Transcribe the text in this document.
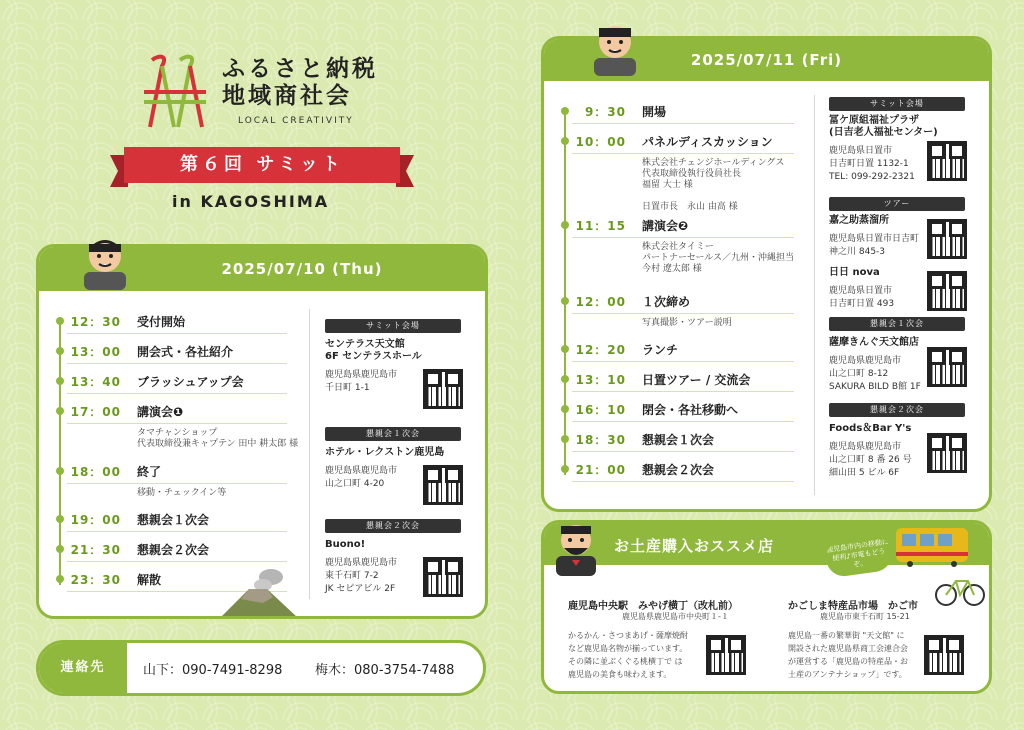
ふるさと納税
地域商社会
LOCAL CREATIVITY
第６回 サミット
in KAGOSHIMA
2025/07/10 (Thu)
12：30 受付開始
13：00 開会式・各社紹介
13：40 ブラッシュアップ会
17：00 講演会❶
タマチャンショップ
代表取締役兼キャプテン 田中 耕太郎 様
18：00 終了
移動・チェックイン等
19：00 懇親会１次会
21：30 懇親会２次会
23：30 解散
サミット会場
センテラス天文館
6F センテラスホール
鹿児島県鹿児島市
千日町 1-1
懇親会１次会
ホテル・レクストン鹿児島
鹿児島県鹿児島市
山之口町 4-20
懇親会２次会
Buono!
鹿児島県鹿児島市
東千石町 7-2
JK セピアビル 2F
2025/07/11 (Fri)
9：30 開場
10：00 パネルディスカッション
株式会社チェンジホールディングス
代表取締役執行役員社長
福留 大士 様
日置市長　永山 由高 様
11：15 講演会❷
株式会社タイミー
パートナーセールス／九州・沖縄担当
今村 遼太郎 様
12：00 １次締め
写真撮影・ツアー説明
12：20 ランチ
13：10 日置ツアー / 交流会
16：10 閉会・各社移動へ
18：30 懇親会１次会
21：00 懇親会２次会
サミット会場
冨ケ原組福祉プラザ
(日吉老人福祉センター)
鹿児島県日置市
日吉町日置 1132-1
TEL: 099-292-2321
ツアー
嘉之助蒸溜所
鹿児島県日置市日吉町
神之川 845-3
日日 nova
鹿児島県日置市
日吉町日置 493
懇親会１次会
薩摩きんぐ天文館店
鹿児島県鹿児島市
山之口町 8-12
SAKURA BILD B館 1F
懇親会２次会
Foods＆Bar Y's
鹿児島県鹿児島市
山之口町 8 番 26 号
細山田 5 ビル 6F
お土産購入おススメ店
鹿児島中央駅　みやげ横丁（改札前）
鹿児島県鹿児島市中央町１-１
かるかん・さつまあげ・薩摩焼酎
など鹿児島名物が揃っています。
その隣に並ぶくぐる桃横丁で は
鹿児島の美食も味わえます。
かごしま特産品市場　かご市
鹿児島市東千石町 15-21
鹿児島一番の繁華街 "天文館" に
開設された鹿児島県商工会連合会
が運営する「鹿児島の特産品・お
土産のアンテナショップ」です。
鹿児島市内の移動に便利♪市電もどうぞ。
連絡先	山下：090-7491-8298	梅木：080-3754-7488
